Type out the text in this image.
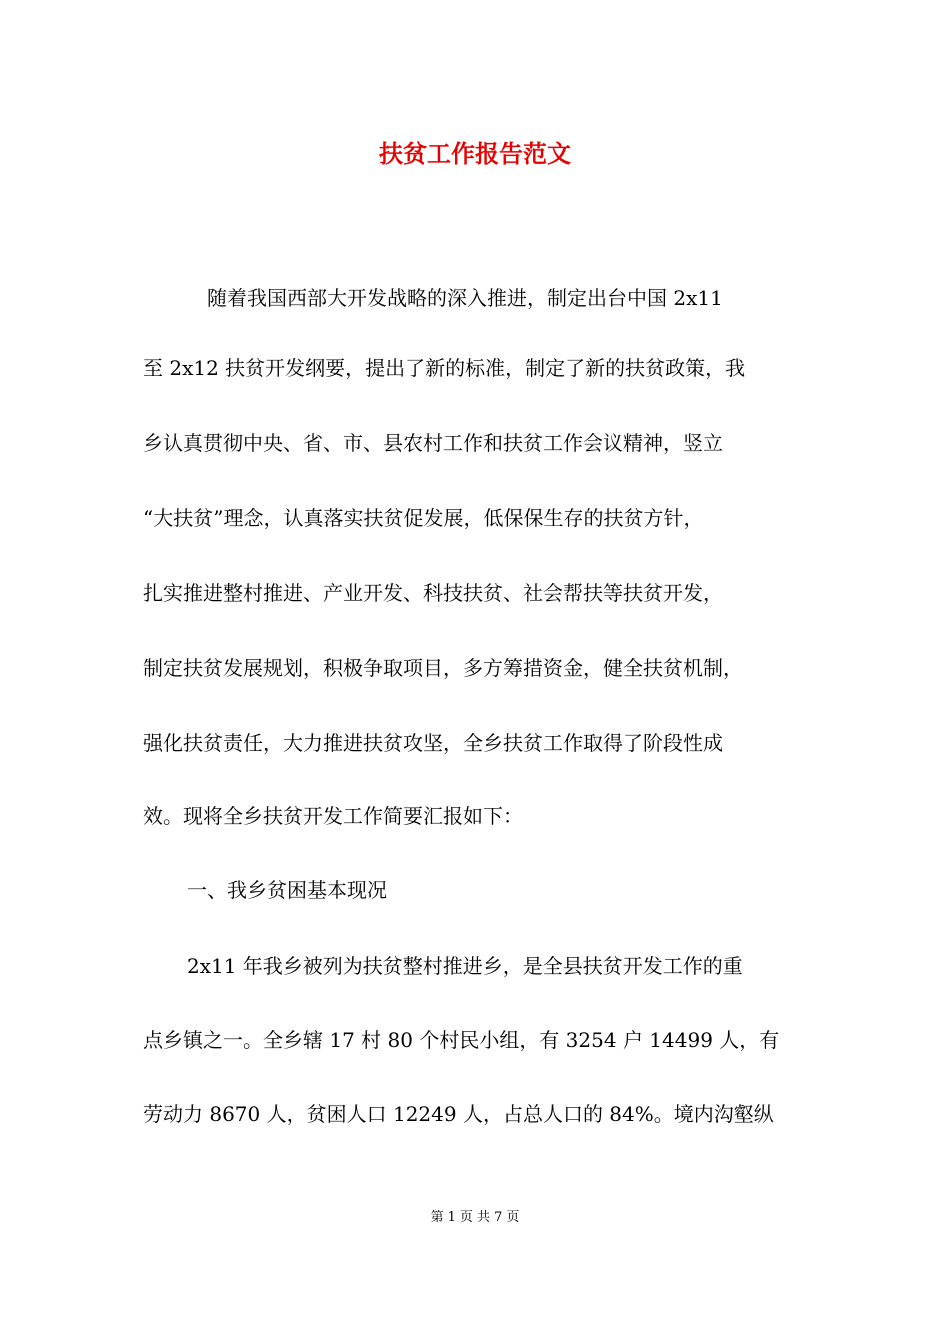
扶贫工作报告范文
随着我国西部大开发战略的深入推进，制定出台中国 2x11
至 2x12 扶贫开发纲要，提出了新的标准，制定了新的扶贫政策，我
乡认真贯彻中央、省、市、县农村工作和扶贫工作会议精神，竖立
“大扶贫”理念，认真落实扶贫促发展，低保保生存的扶贫方针，
扎实推进整村推进、产业开发、科技扶贫、社会帮扶等扶贫开发，
制定扶贫发展规划，积极争取项目，多方筹措资金，健全扶贫机制，
强化扶贫责任，大力推进扶贫攻坚，全乡扶贫工作取得了阶段性成
效。现将全乡扶贫开发工作简要汇报如下：
一、我乡贫困基本现况
2x11 年我乡被列为扶贫整村推进乡，是全县扶贫开发工作的重
点乡镇之一。全乡辖 17 村 80 个村民小组，有 3254 户 14499 人，有
劳动力 8670 人，贫困人口 12249 人，占总人口的 84%。境内沟壑纵
第 1 页 共 7 页
